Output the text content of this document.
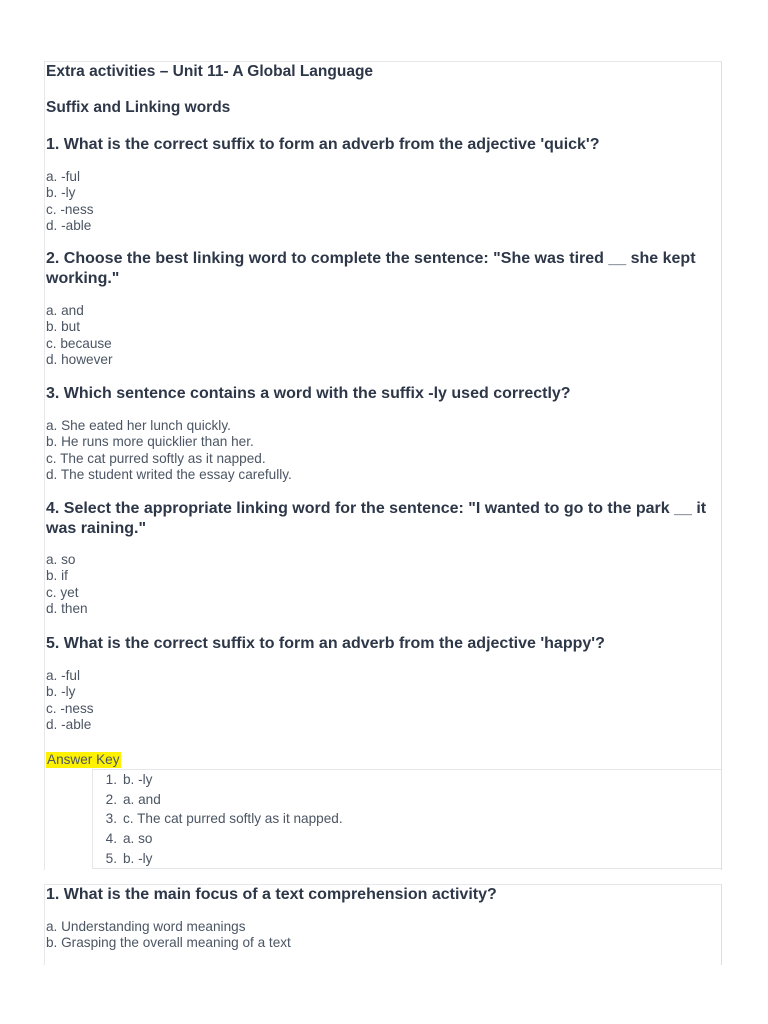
Extra activities – Unit 11- A Global Language

Suffix and Linking words

1. What is the correct suffix to form an adverb from the adjective 'quick'?

a. -ful

b. -ly

c. -ness

d. -able

2. Choose the best linking word to complete the sentence: "She was tired __ she kept working."

a. and

b. but

c. because

d. however

3. Which sentence contains a word with the suffix -ly used correctly?

a. She eated her lunch quickly.

b. He runs more quicklier than her.

c. The cat purred softly as it napped.

d. The student writed the essay carefully.

4. Select the appropriate linking word for the sentence: "I wanted to go to the park __ it was raining."

a. so

b. if

c. yet

d. then

5. What is the correct suffix to form an adverb from the adjective 'happy'?

a. -ful

b. -ly

c. -ness

d. -able

Answer Key
1. b. -ly
2. a. and
3. c. The cat purred softly as it napped.
4. a. so
5. b. -ly

1. What is the main focus of a text comprehension activity?

a. Understanding word meanings

b. Grasping the overall meaning of a text
